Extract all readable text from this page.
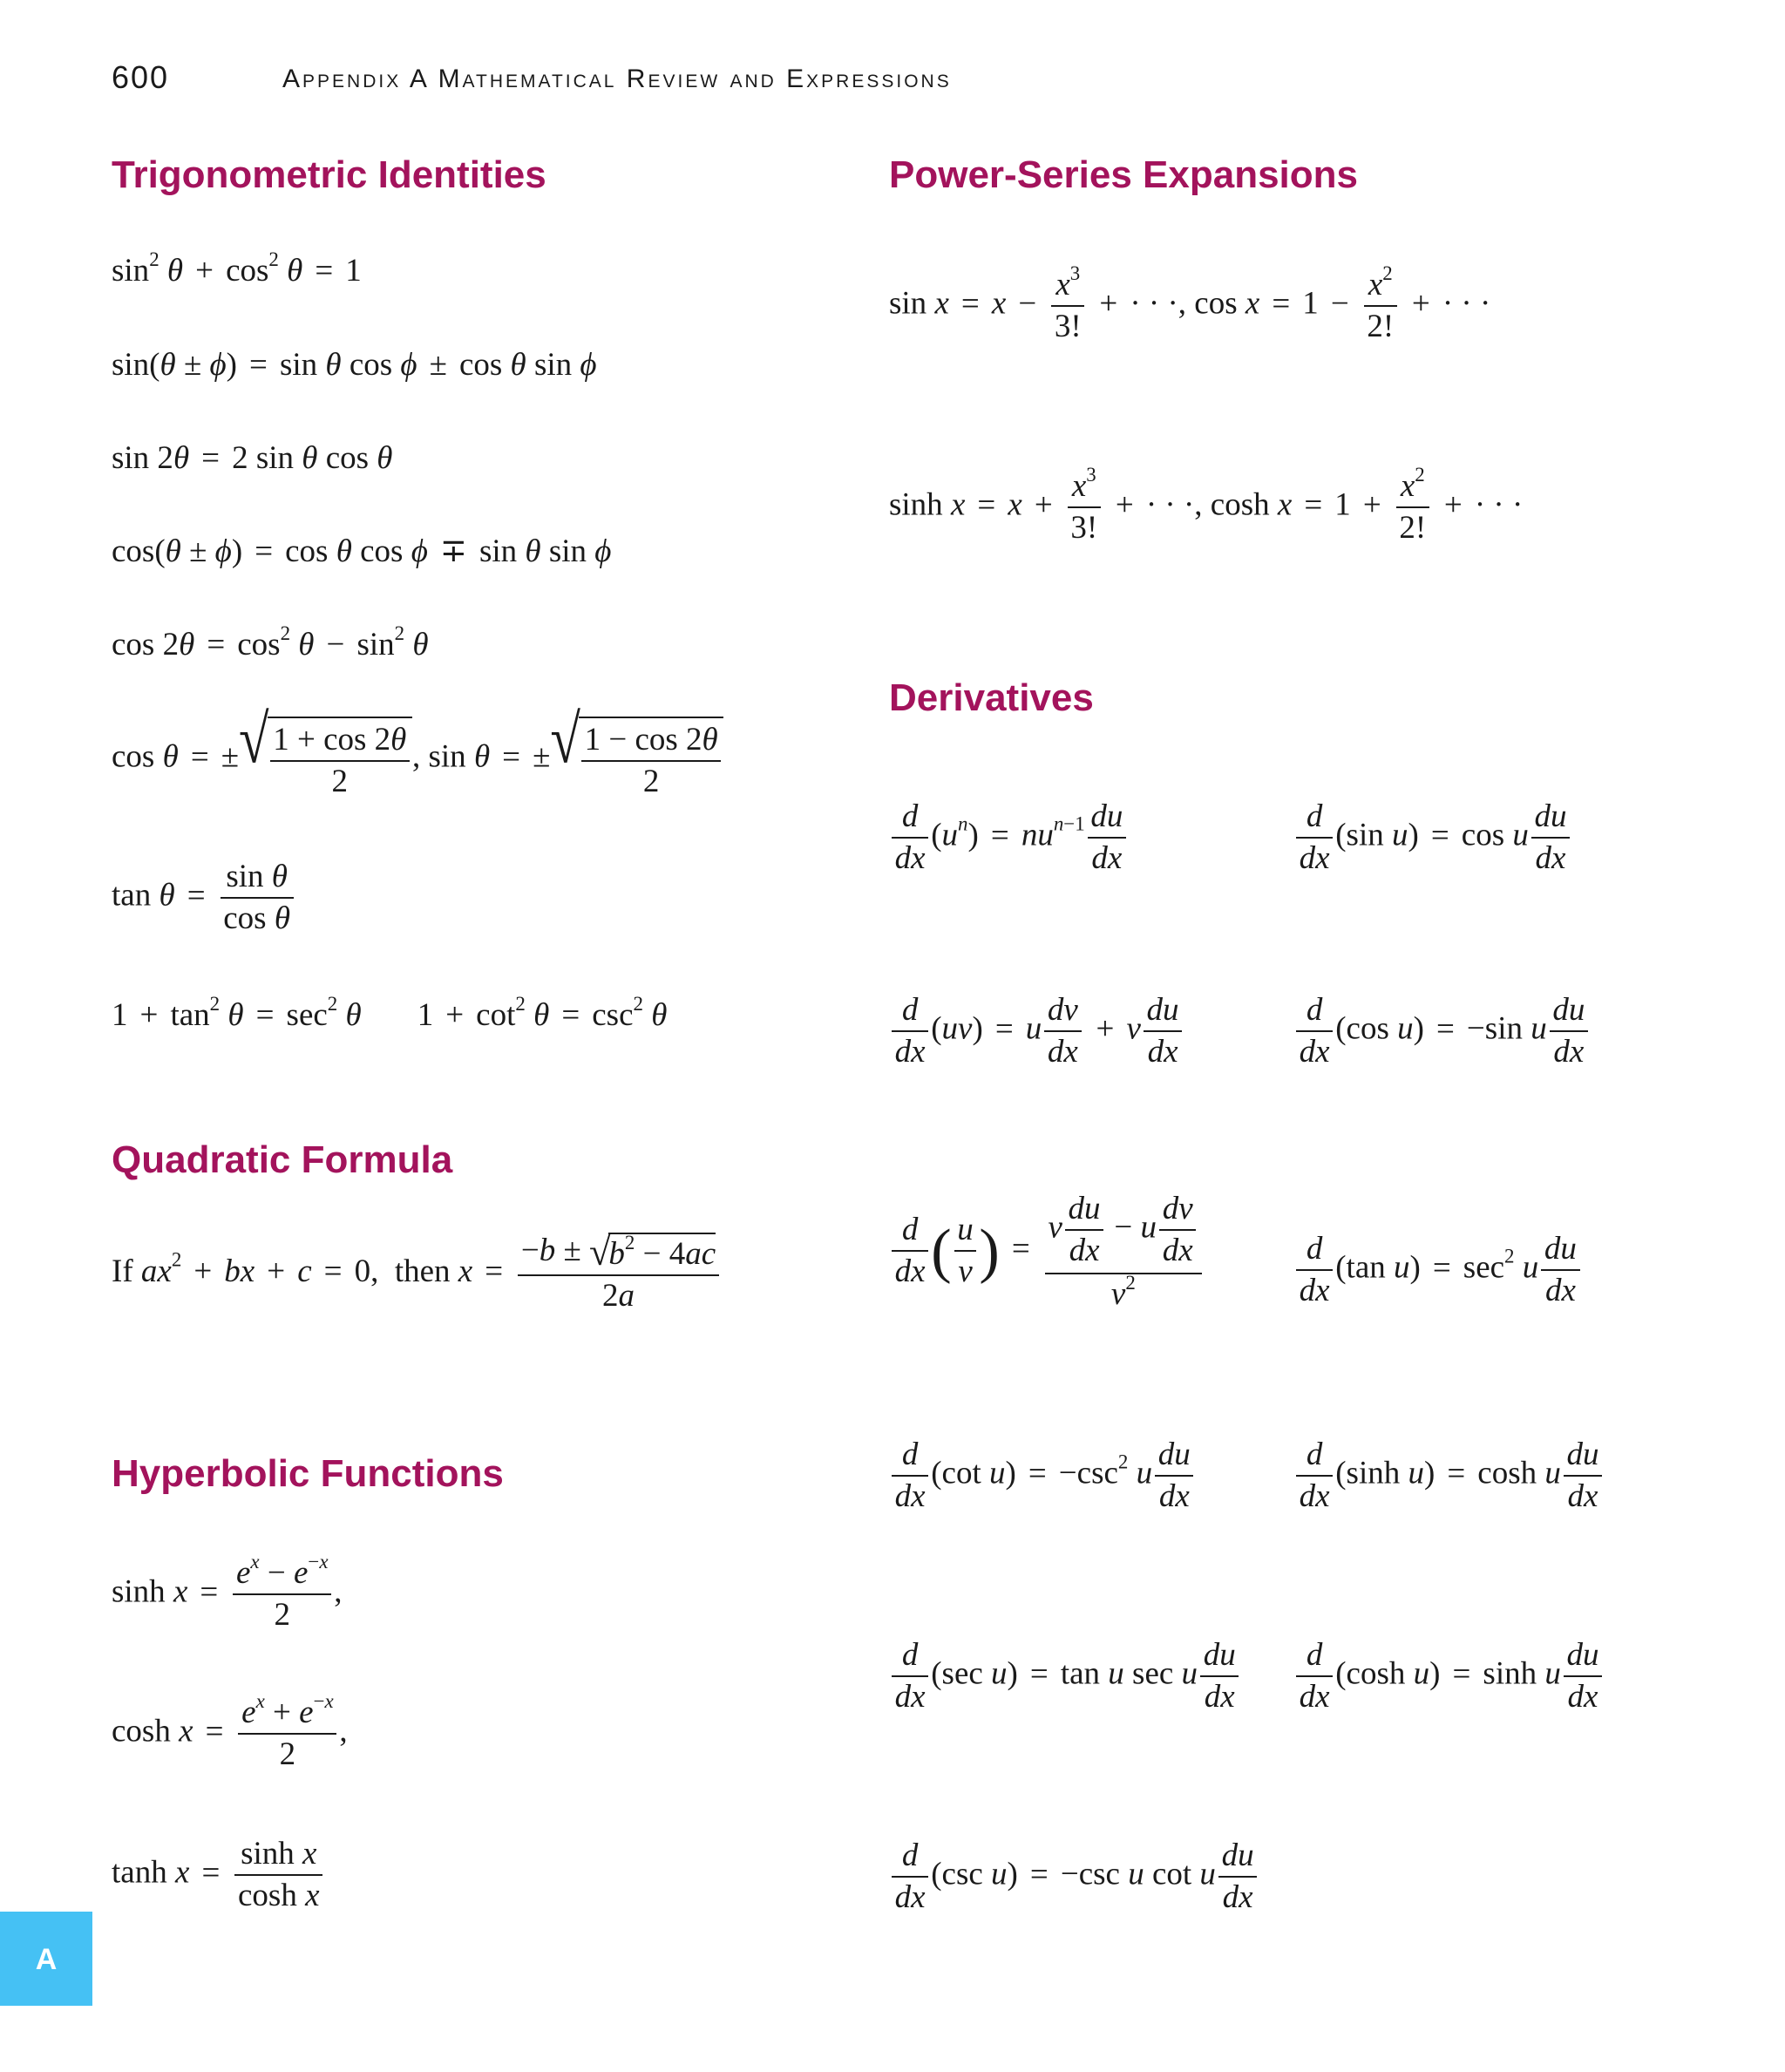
600	Appendix A Mathematical Review and Expressions
Trigonometric Identities
Quadratic Formula
Hyperbolic Functions
Power-Series Expansions
Derivatives
$\sin^2 \theta + \cos^2 \theta = 1$
sin(θ ± ϕ) = sin θ cos ϕ ± cos θ sin ϕ
sin 2θ = 2 sin θ cos θ
cos(θ ± ϕ) = cos θ cos ϕ ∓ sin θ sin ϕ
$\cos 2\theta = \cos^2 \theta - \sin^2 \theta$
cos θ = ± √ $\frac{1 + \cos 2\theta}{2}$ , sin θ = ± √ $\frac{1 - \cos 2\theta}{2}$
$\tan \theta = \frac{\text{sin θ}}{\text{cos θ}}$
$1 + \tan^2 \theta = \sec^2 \theta$ $1 + \cot^2 \theta = \csc^2 \theta$
If $ax^2$ + bx + c = 0,  then x = −b ± √
$b^2 - 4ac$
2a
$\sinh x = \frac{e^x - e^{-x}}{2}$ ,
$\cosh x = \frac{e^x + e^{-x}}{2}$ ,
$\tanh x = \frac{\text{sinh x}}{\text{cosh x}}$
$\sin x = x - \frac{x^3}{3!}$ + · · ·, $\cos x = 1 - \frac{x^2}{2!}$ + · · ·
$\sinh x = x + \frac{x^3}{3!}$ + · · ·, $\cosh x = 1 + \frac{x^2}{2!}$ + · · ·
$\frac{d}{dx} (u^n) = nu^{n-1} \frac{du}{dx}$
$\frac{d}{dx} (uv) = u \frac{dv}{dx} + v \frac{du}{dx}$
$\frac{d}{dx}$ ( $\frac{u}{v}$ ) =
v $\frac{du}{dx} - u \frac{dv}{dx}$
$v^2$
$\frac{d}{dx} (\cot$ $u) = -\csc^2$ u $\frac{du}{dx}$
$\frac{d}{dx} (\sec$ u) = tan u sec u $\frac{du}{dx}$
$\frac{d}{dx} (\csc$ u) = −csc u cot u $\frac{du}{dx}$
$\frac{d}{dx} (\sin$ u) = cos u $\frac{du}{dx}$
$\frac{d}{dx} (\cos$ u) = −sin u $\frac{du}{dx}$
$\frac{d}{dx} (\tan$ $u) = \sec^2 u \frac{du}{dx}$
$\frac{d}{dx} (\sinh$ u) = cosh u $\frac{du}{dx}$
$\frac{d}{dx} (\cosh$ u) = sinh u $\frac{du}{dx}$
A
